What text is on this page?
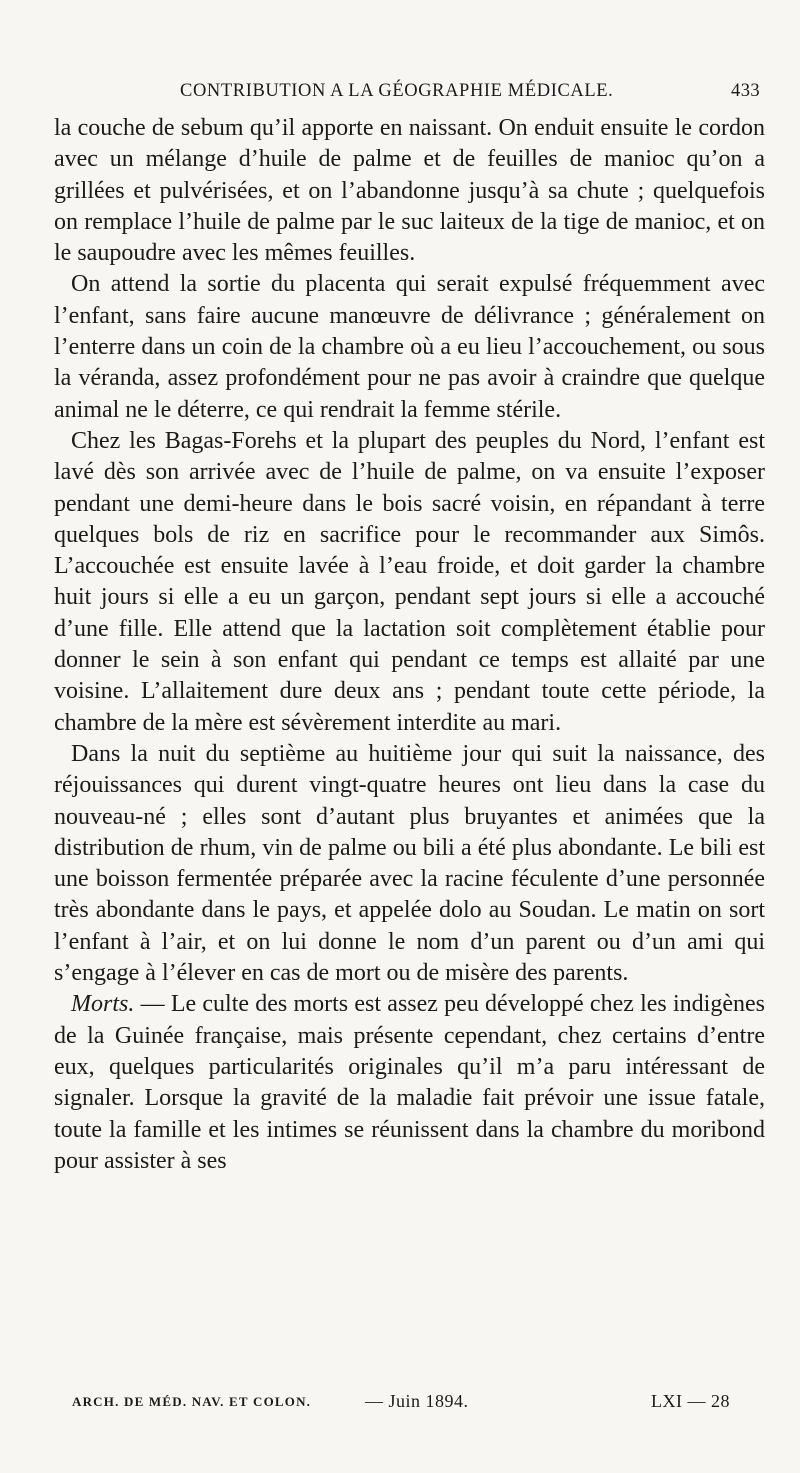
CONTRIBUTION A LA GÉOGRAPHIE MÉDICALE.	433

la couche de sebum qu’il apporte en naissant. On enduit ensuite le cordon avec un mélange d’huile de palme et de feuilles de manioc qu’on a grillées et pulvérisées, et on l’abandonne jusqu’à sa chute ; quelquefois on remplace l’huile de palme par le suc laiteux de la tige de manioc, et on le saupoudre avec les mêmes feuilles.

On attend la sortie du placenta qui serait expulsé fréquemment avec l’enfant, sans faire aucune manœuvre de délivrance ; généralement on l’enterre dans un coin de la chambre où a eu lieu l’accouchement, ou sous la véranda, assez profondément pour ne pas avoir à craindre que quelque animal ne le déterre, ce qui rendrait la femme stérile.

Chez les Bagas-Forehs et la plupart des peuples du Nord, l’enfant est lavé dès son arrivée avec de l’huile de palme, on va ensuite l’exposer pendant une demi-heure dans le bois sacré voisin, en répandant à terre quelques bols de riz en sacrifice pour le recommander aux Simôs. L’accouchée est ensuite lavée à l’eau froide, et doit garder la chambre huit jours si elle a eu un garçon, pendant sept jours si elle a accouché d’une fille. Elle attend que la lactation soit complètement établie pour donner le sein à son enfant qui pendant ce temps est allaité par une voisine. L’allaitement dure deux ans ; pendant toute cette période, la chambre de la mère est sévèrement interdite au mari.

Dans la nuit du septième au huitième jour qui suit la naissance, des réjouissances qui durent vingt-quatre heures ont lieu dans la case du nouveau-né ; elles sont d’autant plus bruyantes et animées que la distribution de rhum, vin de palme ou bili a été plus abondante. Le bili est une boisson fermentée préparée avec la racine féculente d’une personnée très abondante dans le pays, et appelée dolo au Soudan. Le matin on sort l’enfant à l’air, et on lui donne le nom d’un parent ou d’un ami qui s’engage à l’élever en cas de mort ou de misère des parents.

Morts. — Le culte des morts est assez peu développé chez les indigènes de la Guinée française, mais présente cependant, chez certains d’entre eux, quelques particularités originales qu’il m’a paru intéressant de signaler. Lorsque la gravité de la maladie fait prévoir une issue fatale, toute la famille et les intimes se réunissent dans la chambre du moribond pour assister à ses

ARCH. DE MÉD. NAV. ET COLON.	— Juin 1894.	LXI — 28
